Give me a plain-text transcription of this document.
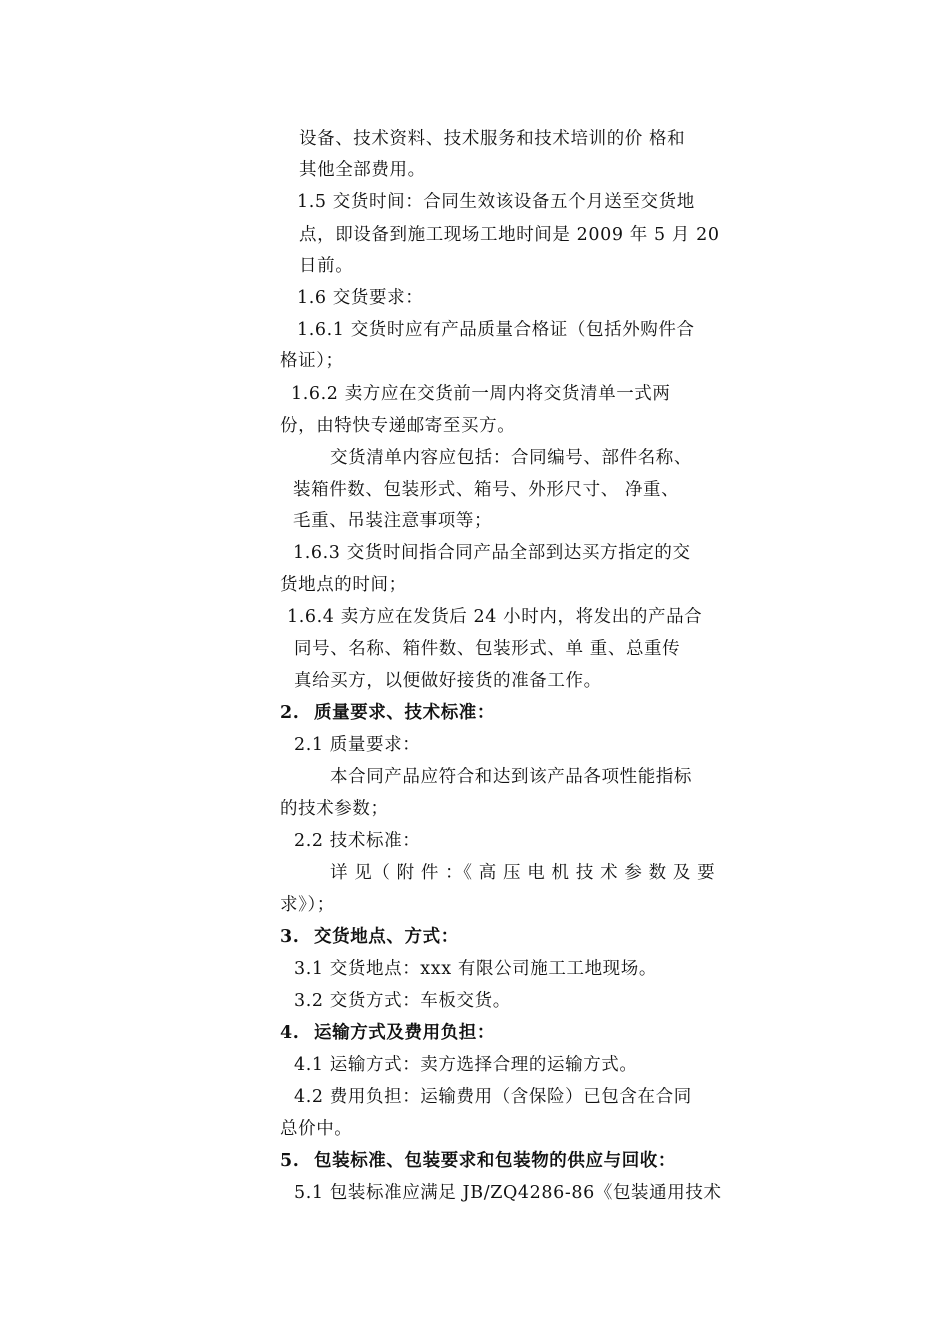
设备、技术资料、技术服务和技术培训的价 格和
其他全部费用。
1.5 交货时间：合同生效该设备五个月送至交货地
点，即设备到施工现场工地时间是 2009 年 5 月 20
日前。
1.6 交货要求：
1.6.1 交货时应有产品质量合格证（包括外购件合
格证）；
1.6.2 卖方应在交货前一周内将交货清单一式两
份，由特快专递邮寄至买方。
交货清单内容应包括：合同编号、部件名称、
装箱件数、包装形式、箱号、外形尺寸、 净重、
毛重、吊装注意事项等；
1.6.3 交货时间指合同产品全部到达买方指定的交
货地点的时间；
1.6.4 卖方应在发货后 24 小时内，将发出的产品合
同号、名称、箱件数、包装形式、单 重、总重传
真给买方，以便做好接货的准备工作。
2. 质量要求、技术标准：
2.1 质量要求：
本合同产品应符合和达到该产品各项性能指标
的技术参数；
2.2 技术标准：
详 见（ 附 件 ：《 高 压 电 机 技 术 参 数 及 要
求》）；
3. 交货地点、方式：
3.1 交货地点：xxx 有限公司施工工地现场。
3.2 交货方式：车板交货。
4. 运输方式及费用负担：
4.1 运输方式：卖方选择合理的运输方式。
4.2 费用负担：运输费用（含保险）已包含在合同
总价中。
5. 包装标准、包装要求和包装物的供应与回收：
5.1 包装标准应满足 JB/ZQ4286-86《包装通用技术
